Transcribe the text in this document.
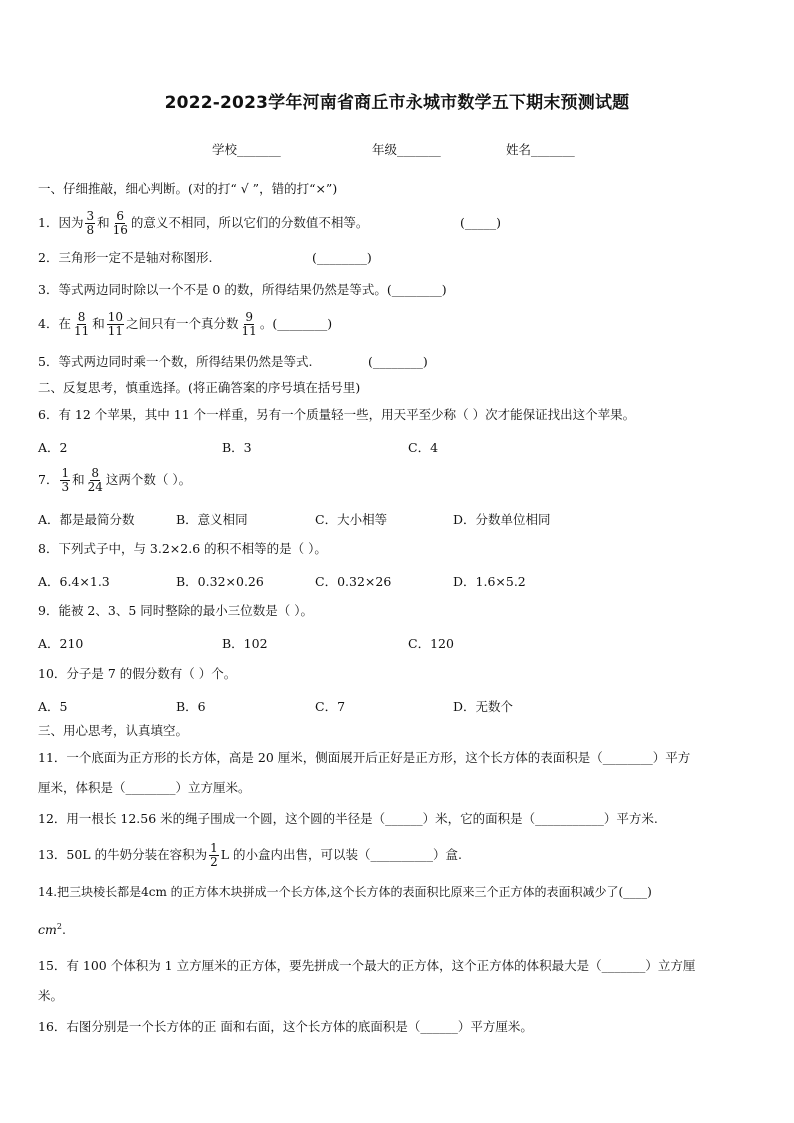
2022-2023学年河南省商丘市永城市数学五下期末预测试题
学校_______	年级_______	姓名_______
一、仔细推敲，细心判断。(对的打“ √ ”，错的打“×”)
1．因为 $\frac{3}{8}$ 和 $\frac{6}{16}$ 的意义不相同，所以它们的分数值不相等。	(_____)
2．三角形一定不是轴对称图形.	(________)
3．等式两边同时除以一个不是 0 的数，所得结果仍然是等式。(________)
4．在 $\frac{8}{11}$ 和 $\frac{10}{11}$ 之间只有一个真分数 $\frac{9}{11}$ 。(________)
5．等式两边同时乘一个数，所得结果仍然是等式.	(________)
二、反复思考，慎重选择。(将正确答案的序号填在括号里)
6．有 12 个苹果，其中 11 个一样重，另有一个质量轻一些，用天平至少称（ ）次才能保证找出这个苹果。
A．2	B．3	C．4
7． $\frac{1}{3}$ 和 $\frac{8}{24}$ 这两个数（ ）。
A．都是最简分数	B．意义相同	C．大小相等	D．分数单位相同
8．下列式子中，与 3.2×2.6 的积不相等的是（ ）。
A．6.4×1.3	B．0.32×0.26	C．0.32×26	D．1.6×5.2
9．能被 2、3、5 同时整除的最小三位数是（ ）。
A．210	B．102	C．120
10．分子是 7 的假分数有（ ）个。
A．5	B．6	C．7	D．无数个
三、用心思考，认真填空。
11．一个底面为正方形的长方体，高是 20 厘米，侧面展开后正好是正方形，这个长方体的表面积是（________）平方
厘米，体积是（________）立方厘米。
12．用一根长 12.56 米的绳子围成一个圆，这个圆的半径是（______）米，它的面积是（___________）平方米.
13．50L 的牛奶分装在容积为 $\frac{1}{2}$ L 的小盒内出售，可以装（__________）盒.
14.把三块棱长都是4cm 的正方体木块拼成一个长方体,这个长方体的表面积比原来三个正方体的表面积减少了(____)
$cm^2$.
15．有 100 个体积为 1 立方厘米的正方体，要先拼成一个最大的正方体，这个正方体的体积最大是（_______）立方厘
米。
16．右图分别是一个长方体的正 面和右面，这个长方体的底面积是（______）平方厘米。
